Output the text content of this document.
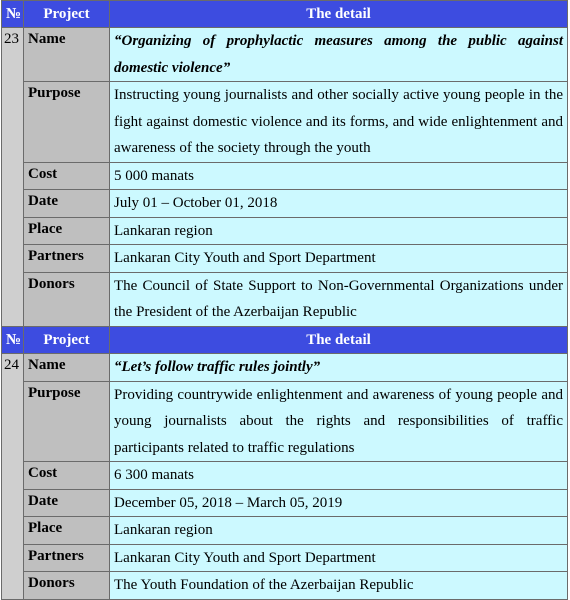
№	Project	The detail
23	Name	“Organizing of prophylactic measures among the public against domestic violence”
	Purpose	Instructing young journalists and other socially active young people in the fight against domestic violence and its forms, and wide enlightenment and awareness of the society through the youth
	Cost	5 000 manats
	Date	July 01 – October 01, 2018
	Place	Lankaran region
	Partners	Lankaran City Youth and Sport Department
	Donors	The Council of State Support to Non-Governmental Organizations under the President of the Azerbaijan Republic
№	Project	The detail
24	Name	“Let’s follow traffic rules jointly”
	Purpose	Providing countrywide enlightenment and awareness of young people and young journalists about the rights and responsibilities of traffic participants related to traffic regulations
	Cost	6 300 manats
	Date	December 05, 2018 – March 05, 2019
	Place	Lankaran region
	Partners	Lankaran City Youth and Sport Department
	Donors	The Youth Foundation of the Azerbaijan Republic
